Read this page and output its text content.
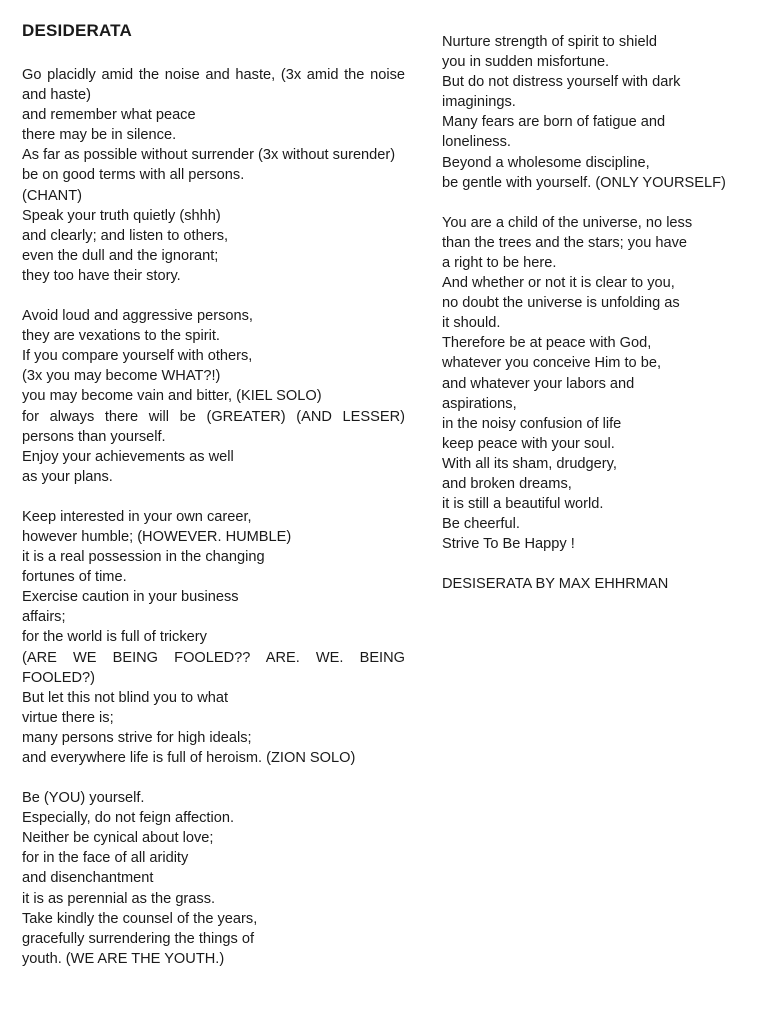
DESIDERATA

Go placidly amid the noise and haste, (3x amid the noise and haste)
and remember what peace
there may be in silence.
As far as possible without surrender (3x without surender)
be on good terms with all persons.
(CHANT)
Speak your truth quietly (shhh)
and clearly; and listen to others,
even the dull and the ignorant;
they too have their story.

Avoid loud and aggressive persons,
they are vexations to the spirit.
If you compare yourself with others,
(3x you may become WHAT?!)
you may become vain and bitter, (KIEL SOLO)
for always there will be (GREATER) (AND LESSER) persons than yourself.
Enjoy your achievements as well
as your plans.

Keep interested in your own career,
however humble; (HOWEVER. HUMBLE)
it is a real possession in the changing
fortunes of time.
Exercise caution in your business
affairs;
for the world is full of trickery
(ARE WE BEING FOOLED?? ARE. WE. BEING FOOLED?)
But let this not blind you to what
virtue there is;
many persons strive for high ideals;
and everywhere life is full of heroism. (ZION SOLO)

Be (YOU) yourself.
Especially, do not feign affection.
Neither be cynical about love;
for in the face of all aridity
and disenchantment
it is as perennial as the grass.
Take kindly the counsel of the years,
gracefully surrendering the things of
youth. (WE ARE THE YOUTH.)

Nurture strength of spirit to shield
you in sudden misfortune.
But do not distress yourself with dark
imaginings.
Many fears are born of fatigue and
loneliness.
Beyond a wholesome discipline,
be gentle with yourself. (ONLY YOURSELF)

You are a child of the universe, no less
than the trees and the stars; you have
a right to be here.
And whether or not it is clear to you,
no doubt the universe is unfolding as
it should.
Therefore be at peace with God,
whatever you conceive Him to be,
and whatever your labors and
aspirations,
in the noisy confusion of life
keep peace with your soul.
With all its sham, drudgery,
and broken dreams,
it is still a beautiful world.
Be cheerful.
Strive To Be Happy !

DESISERATA BY MAX EHHRMAN
